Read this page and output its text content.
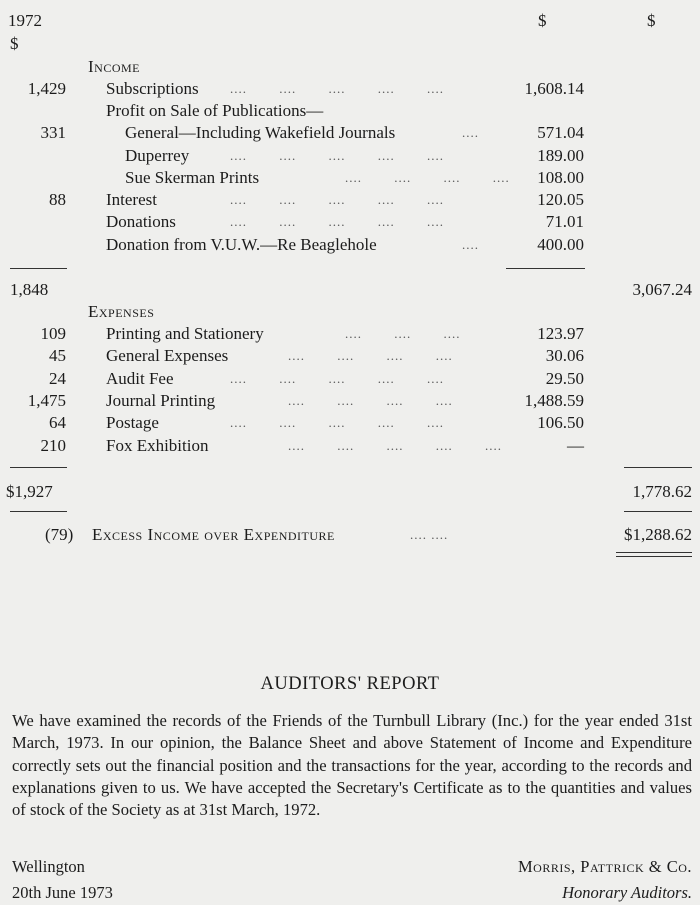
1972
$
$	$
Income
1,429 Subscriptions .... .... .... .... ....	1,608.14
Profit on Sale of Publications—
331	General—Including Wakefield Journals	....	571.04
Duperrey	.... .... .... .... ....	189.00
Sue Skerman Prints	.... .... .... ....	108.00
88 Interest	.... .... .... .... ....	120.05
Donations	.... .... .... .... ....	71.01
Donation from V.U.W.—Re Beaglehole	....	400.00
1,848	3,067.24
Expenses
109 Printing and Stationery	.... .... ....	123.97
45 General Expenses	.... .... .... ....	30.06
24 Audit Fee	.... .... .... .... ....	29.50
1,475 Journal Printing	.... .... .... ....	1,488.59
64 Postage	.... .... .... .... ....	106.50
210 Fox Exhibition	.... .... .... .... ....	—
$1,927	1,778.62
(79) Excess Income over Expenditure	.... ....	$1,288.62
AUDITORS' REPORT
We have examined the records of the Friends of the Turnbull Library (Inc.) for the year ended 31st March, 1973. In our opinion, the Balance Sheet and above Statement of Income and Expenditure correctly sets out the financial position and the transactions for the year, according to the records and explanations given to us. We have accepted the Secretary's Certificate as to the quantities and values of stock of the Society as at 31st March, 1972.
Wellington
20th June 1973
Morris, Pattrick & Co.
Honorary Auditors.
